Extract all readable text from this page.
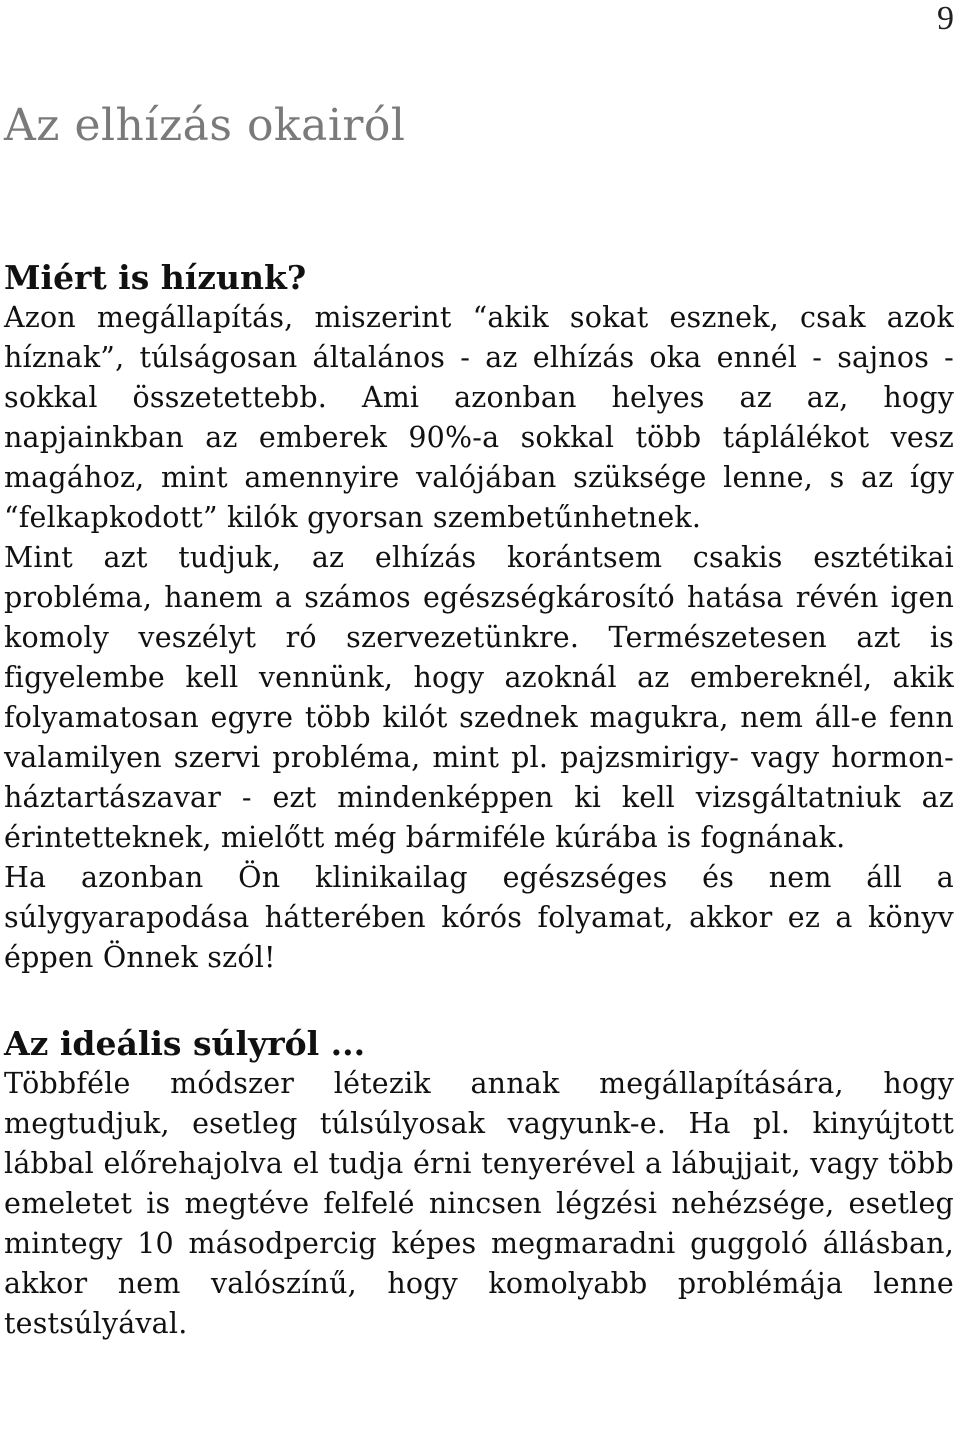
9
Az elhízás okairól
Miért is hízunk?

Azon megállapítás, miszerint “akik sokat esznek, csak azok híznak”, túlságosan általános - az elhízás oka ennél - sajnos - sokkal összetettebb. Ami azonban helyes az az, hogy napjainkban az emberek 90%-a sokkal több táplálékot vesz magához, mint amennyire valójában szüksége lenne, s az így “felkapkodott” kilók gyorsan szembetűnhetnek.

Mint azt tudjuk, az elhízás korántsem csakis esztétikai probléma, hanem a számos egészségkárosító hatása révén igen komoly veszélyt ró szervezetünkre. Természetesen azt is figyelembe kell vennünk, hogy azoknál az embereknél, akik folyamatosan egyre több kilót szednek magukra, nem áll-e fenn valamilyen szervi probléma, mint pl. pajzsmirigy- vagy hormon-háztartászavar - ezt mindenképpen ki kell vizsgáltatniuk az érintetteknek, mielőtt még bármiféle kúrába is fognának.

Ha azonban Ön klinikailag egészséges és nem áll a súlygyarapodása hátterében kórós folyamat, akkor ez a könyv éppen Önnek szól!

Az ideális súlyról ...

Többféle módszer létezik annak megállapítására, hogy megtudjuk, esetleg túlsúlyosak vagyunk-e. Ha pl. kinyújtott lábbal előrehajolva el tudja érni tenyerével a lábujjait, vagy több emeletet is megtéve felfelé nincsen légzési nehézsége, esetleg mintegy 10 másodpercig képes megmaradni guggoló állásban, akkor nem valószínű, hogy komolyabb problémája lenne testsúlyával.
